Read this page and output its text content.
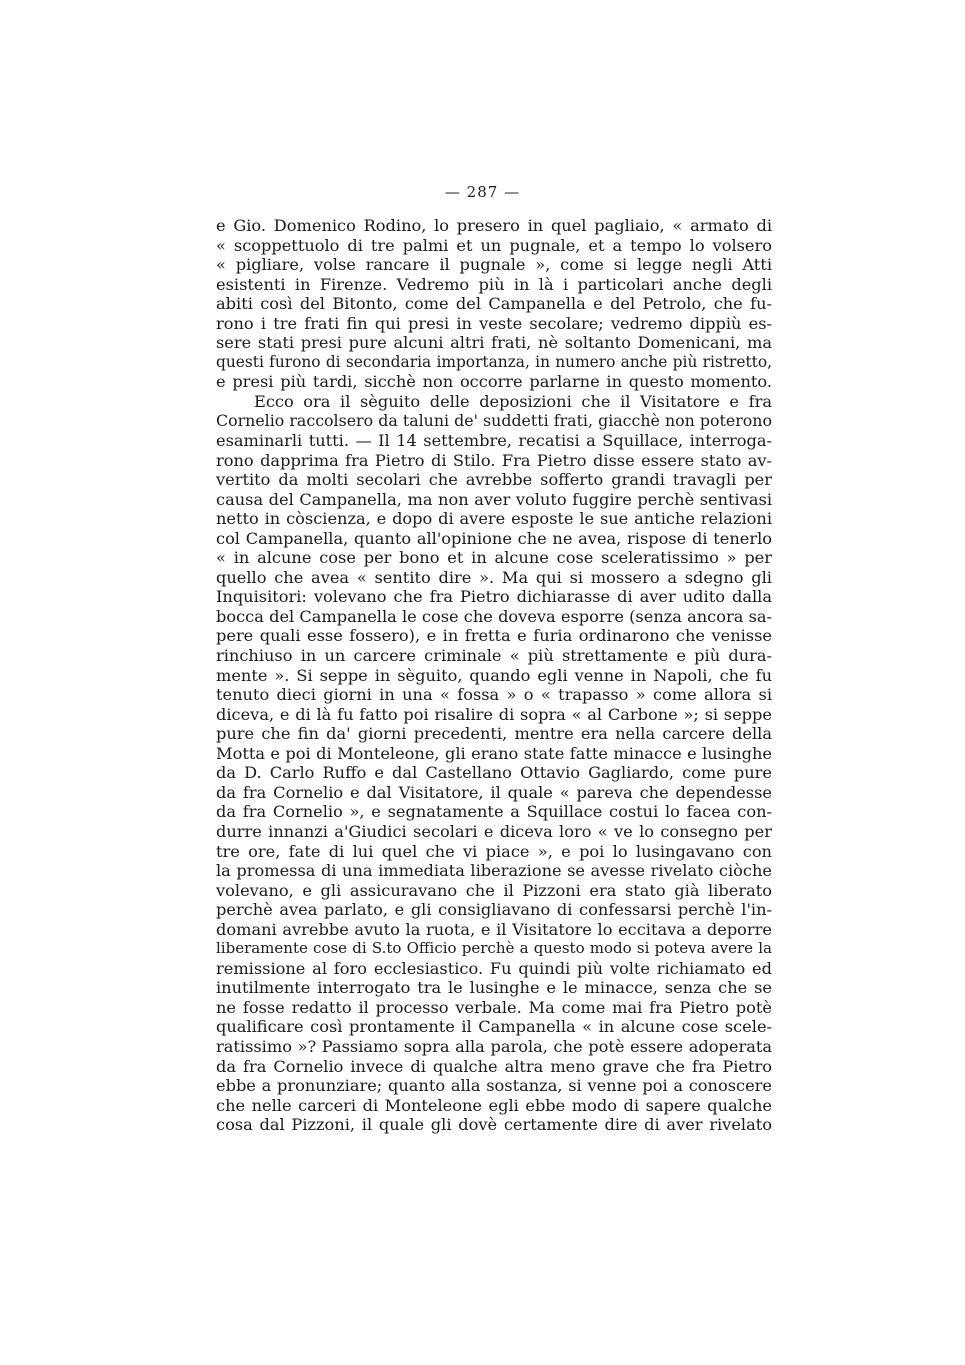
— 287 —
e Gio. Domenico Rodino, lo presero in quel pagliaio, « armato di
« scoppettuolo di tre palmi et un pugnale, et a tempo lo volsero
« pigliare, volse rancare il pugnale », come si legge negli Atti
esistenti in Firenze. Vedremo più in là i particolari anche degli
abiti così del Bitonto, come del Campanella e del Petrolo, che fu-
rono i tre frati fin qui presi in veste secolare; vedremo dippiù es-
sere stati presi pure alcuni altri frati, nè soltanto Domenicani, ma
questi furono di secondaria importanza, in numero anche più ristretto,
e presi più tardi, sicchè non occorre parlarne in questo momento.
Ecco ora il sèguito delle deposizioni che il Visitatore e fra
Cornelio raccolsero da taluni de' suddetti frati, giacchè non poterono
esaminarli tutti. — Il 14 settembre, recatisi a Squillace, interroga-
rono dapprima fra Pietro di Stilo. Fra Pietro disse essere stato av-
vertito da molti secolari che avrebbe sofferto grandi travagli per
causa del Campanella, ma non aver voluto fuggire perchè sentivasi
netto in còscienza, e dopo di avere esposte le sue antiche relazioni
col Campanella, quanto all'opinione che ne avea, rispose di tenerlo
« in alcune cose per bono et in alcune cose sceleratissimo » per
quello che avea « sentito dire ». Ma qui si mossero a sdegno gli
Inquisitori: volevano che fra Pietro dichiarasse di aver udito dalla
bocca del Campanella le cose che doveva esporre (senza ancora sa-
pere quali esse fossero), e in fretta e furia ordinarono che venisse
rinchiuso in un carcere criminale « più strettamente e più dura-
mente ». Si seppe in sèguito, quando egli venne in Napoli, che fu
tenuto dieci giorni in una « fossa » o « trapasso » come allora si
diceva, e di là fu fatto poi risalire di sopra « al Carbone »; si seppe
pure che fin da' giorni precedenti, mentre era nella carcere della
Motta e poi di Monteleone, gli erano state fatte minacce e lusinghe
da D. Carlo Ruffo e dal Castellano Ottavio Gagliardo, come pure
da fra Cornelio e dal Visitatore, il quale « pareva che dependesse
da fra Cornelio », e segnatamente a Squillace costui lo facea con-
durre innanzi a'Giudici secolari e diceva loro « ve lo consegno per
tre ore, fate di lui quel che vi piace », e poi lo lusingavano con
la promessa di una immediata liberazione se avesse rivelato ciòche
volevano, e gli assicuravano che il Pizzoni era stato già liberato
perchè avea parlato, e gli consigliavano di confessarsi perchè l'in-
domani avrebbe avuto la ruota, e il Visitatore lo eccitava a deporre
liberamente cose di S.to Officio perchè a questo modo si poteva avere la
remissione al foro ecclesiastico. Fu quindi più volte richiamato ed
inutilmente interrogato tra le lusinghe e le minacce, senza che se
ne fosse redatto il processo verbale. Ma come mai fra Pietro potè
qualificare così prontamente il Campanella « in alcune cose scele-
ratissimo »? Passiamo sopra alla parola, che potè essere adoperata
da fra Cornelio invece di qualche altra meno grave che fra Pietro
ebbe a pronunziare; quanto alla sostanza, si venne poi a conoscere
che nelle carceri di Monteleone egli ebbe modo di sapere qualche
cosa dal Pizzoni, il quale gli dovè certamente dire di aver rivelato
